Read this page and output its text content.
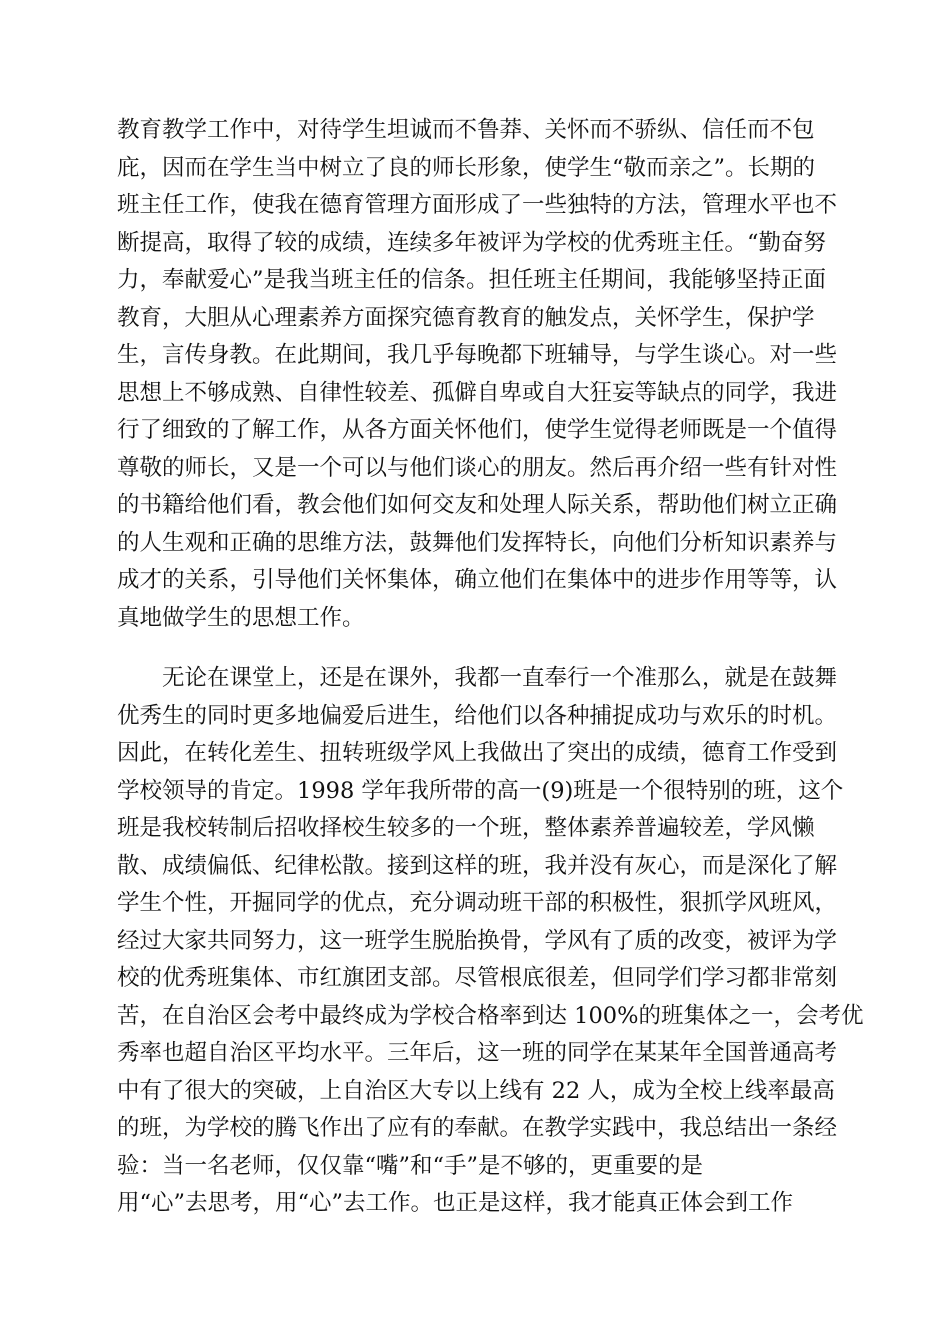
教育教学工作中，对待学生坦诚而不鲁莽、关怀而不骄纵、信任而不包
庇，因而在学生当中树立了良的师长形象，使学生“敬而亲之”。长期的
班主任工作，使我在德育管理方面形成了一些独特的方法，管理水平也不
断提高，取得了较的成绩，连续多年被评为学校的优秀班主任。“勤奋努
力，奉献爱心”是我当班主任的信条。担任班主任期间，我能够坚持正面
教育，大胆从心理素养方面探究德育教育的触发点，关怀学生，保护学
生，言传身教。在此期间，我几乎每晚都下班辅导，与学生谈心。对一些
思想上不够成熟、自律性较差、孤僻自卑或自大狂妄等缺点的同学，我进
行了细致的了解工作，从各方面关怀他们，使学生觉得老师既是一个值得
尊敬的师长，又是一个可以与他们谈心的朋友。然后再介绍一些有针对性
的书籍给他们看，教会他们如何交友和处理人际关系，帮助他们树立正确
的人生观和正确的思维方法，鼓舞他们发挥特长，向他们分析知识素养与
成才的关系，引导他们关怀集体，确立他们在集体中的进步作用等等，认
真地做学生的思想工作。
　　无论在课堂上，还是在课外，我都一直奉行一个准那么，就是在鼓舞
优秀生的同时更多地偏爱后进生，给他们以各种捕捉成功与欢乐的时机。
因此，在转化差生、扭转班级学风上我做出了突出的成绩，德育工作受到
学校领导的肯定。1998 学年我所带的高一(9)班是一个很特别的班，这个
班是我校转制后招收择校生较多的一个班，整体素养普遍较差，学风懒
散、成绩偏低、纪律松散。接到这样的班，我并没有灰心，而是深化了解
学生个性，开掘同学的优点，充分调动班干部的积极性，狠抓学风班风，
经过大家共同努力，这一班学生脱胎换骨，学风有了质的改变，被评为学
校的优秀班集体、市红旗团支部。尽管根底很差，但同学们学习都非常刻
苦，在自治区会考中最终成为学校合格率到达 100%的班集体之一，会考优
秀率也超自治区平均水平。三年后，这一班的同学在某某年全国普通高考
中有了很大的突破，上自治区大专以上线有 22 人，成为全校上线率最高
的班，为学校的腾飞作出了应有的奉献。在教学实践中，我总结出一条经
验：当一名老师，仅仅靠“嘴”和“手”是不够的，更重要的是
用“心”去思考，用“心”去工作。也正是这样，我才能真正体会到工作
